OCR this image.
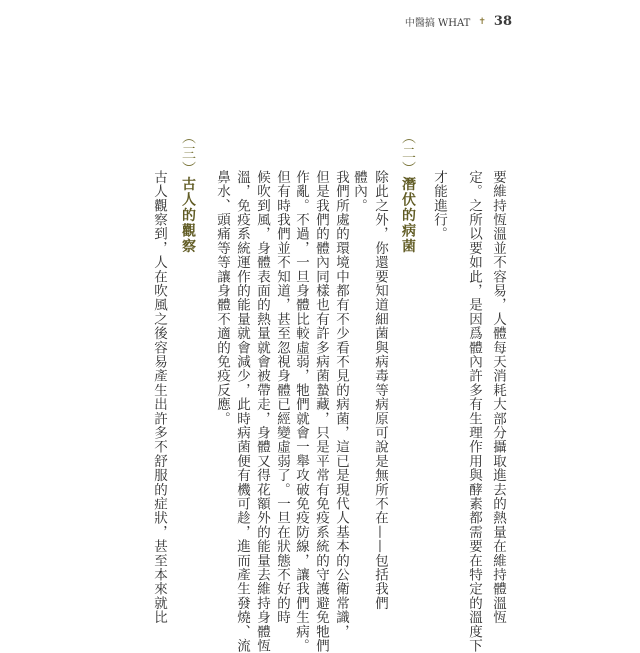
中醫搞 WHAT ✝ 38
要維持恆溫並不容易，人體每天消耗大部分攝取進去的熱量在維持體溫恆
定。之所以要如此，是因爲體內許多有生理作用與酵素都需要在特定的溫度下
才能進行。
（二）潛伏的病菌
除此之外，你還要知道細菌與病毒等病原可說是無所不在——包括我們
體內。
我們所處的環境中都有不少看不見的病菌，這已是現代人基本的公衛常識，
但是我們的體內同樣也有許多病菌蟄藏，只是平常有免疫系統的守護避免牠們
作亂。不過，一旦身體比較虛弱，牠們就會一舉攻破免疫防線，讓我們生病。
但有時我們並不知道，甚至忽視身體已經變虛弱了。一旦在狀態不好的時
候吹到風，身體表面的熱量就會被帶走，身體又得花額外的能量去維持身體恆
溫，免疫系統運作的能量就會減少，此時病菌便有機可趁，進而產生發燒、流
鼻水、頭痛等等讓身體不適的免疫反應。
（三）古人的觀察
古人觀察到，人在吹風之後容易產生出許多不舒服的症狀，甚至本來就比
